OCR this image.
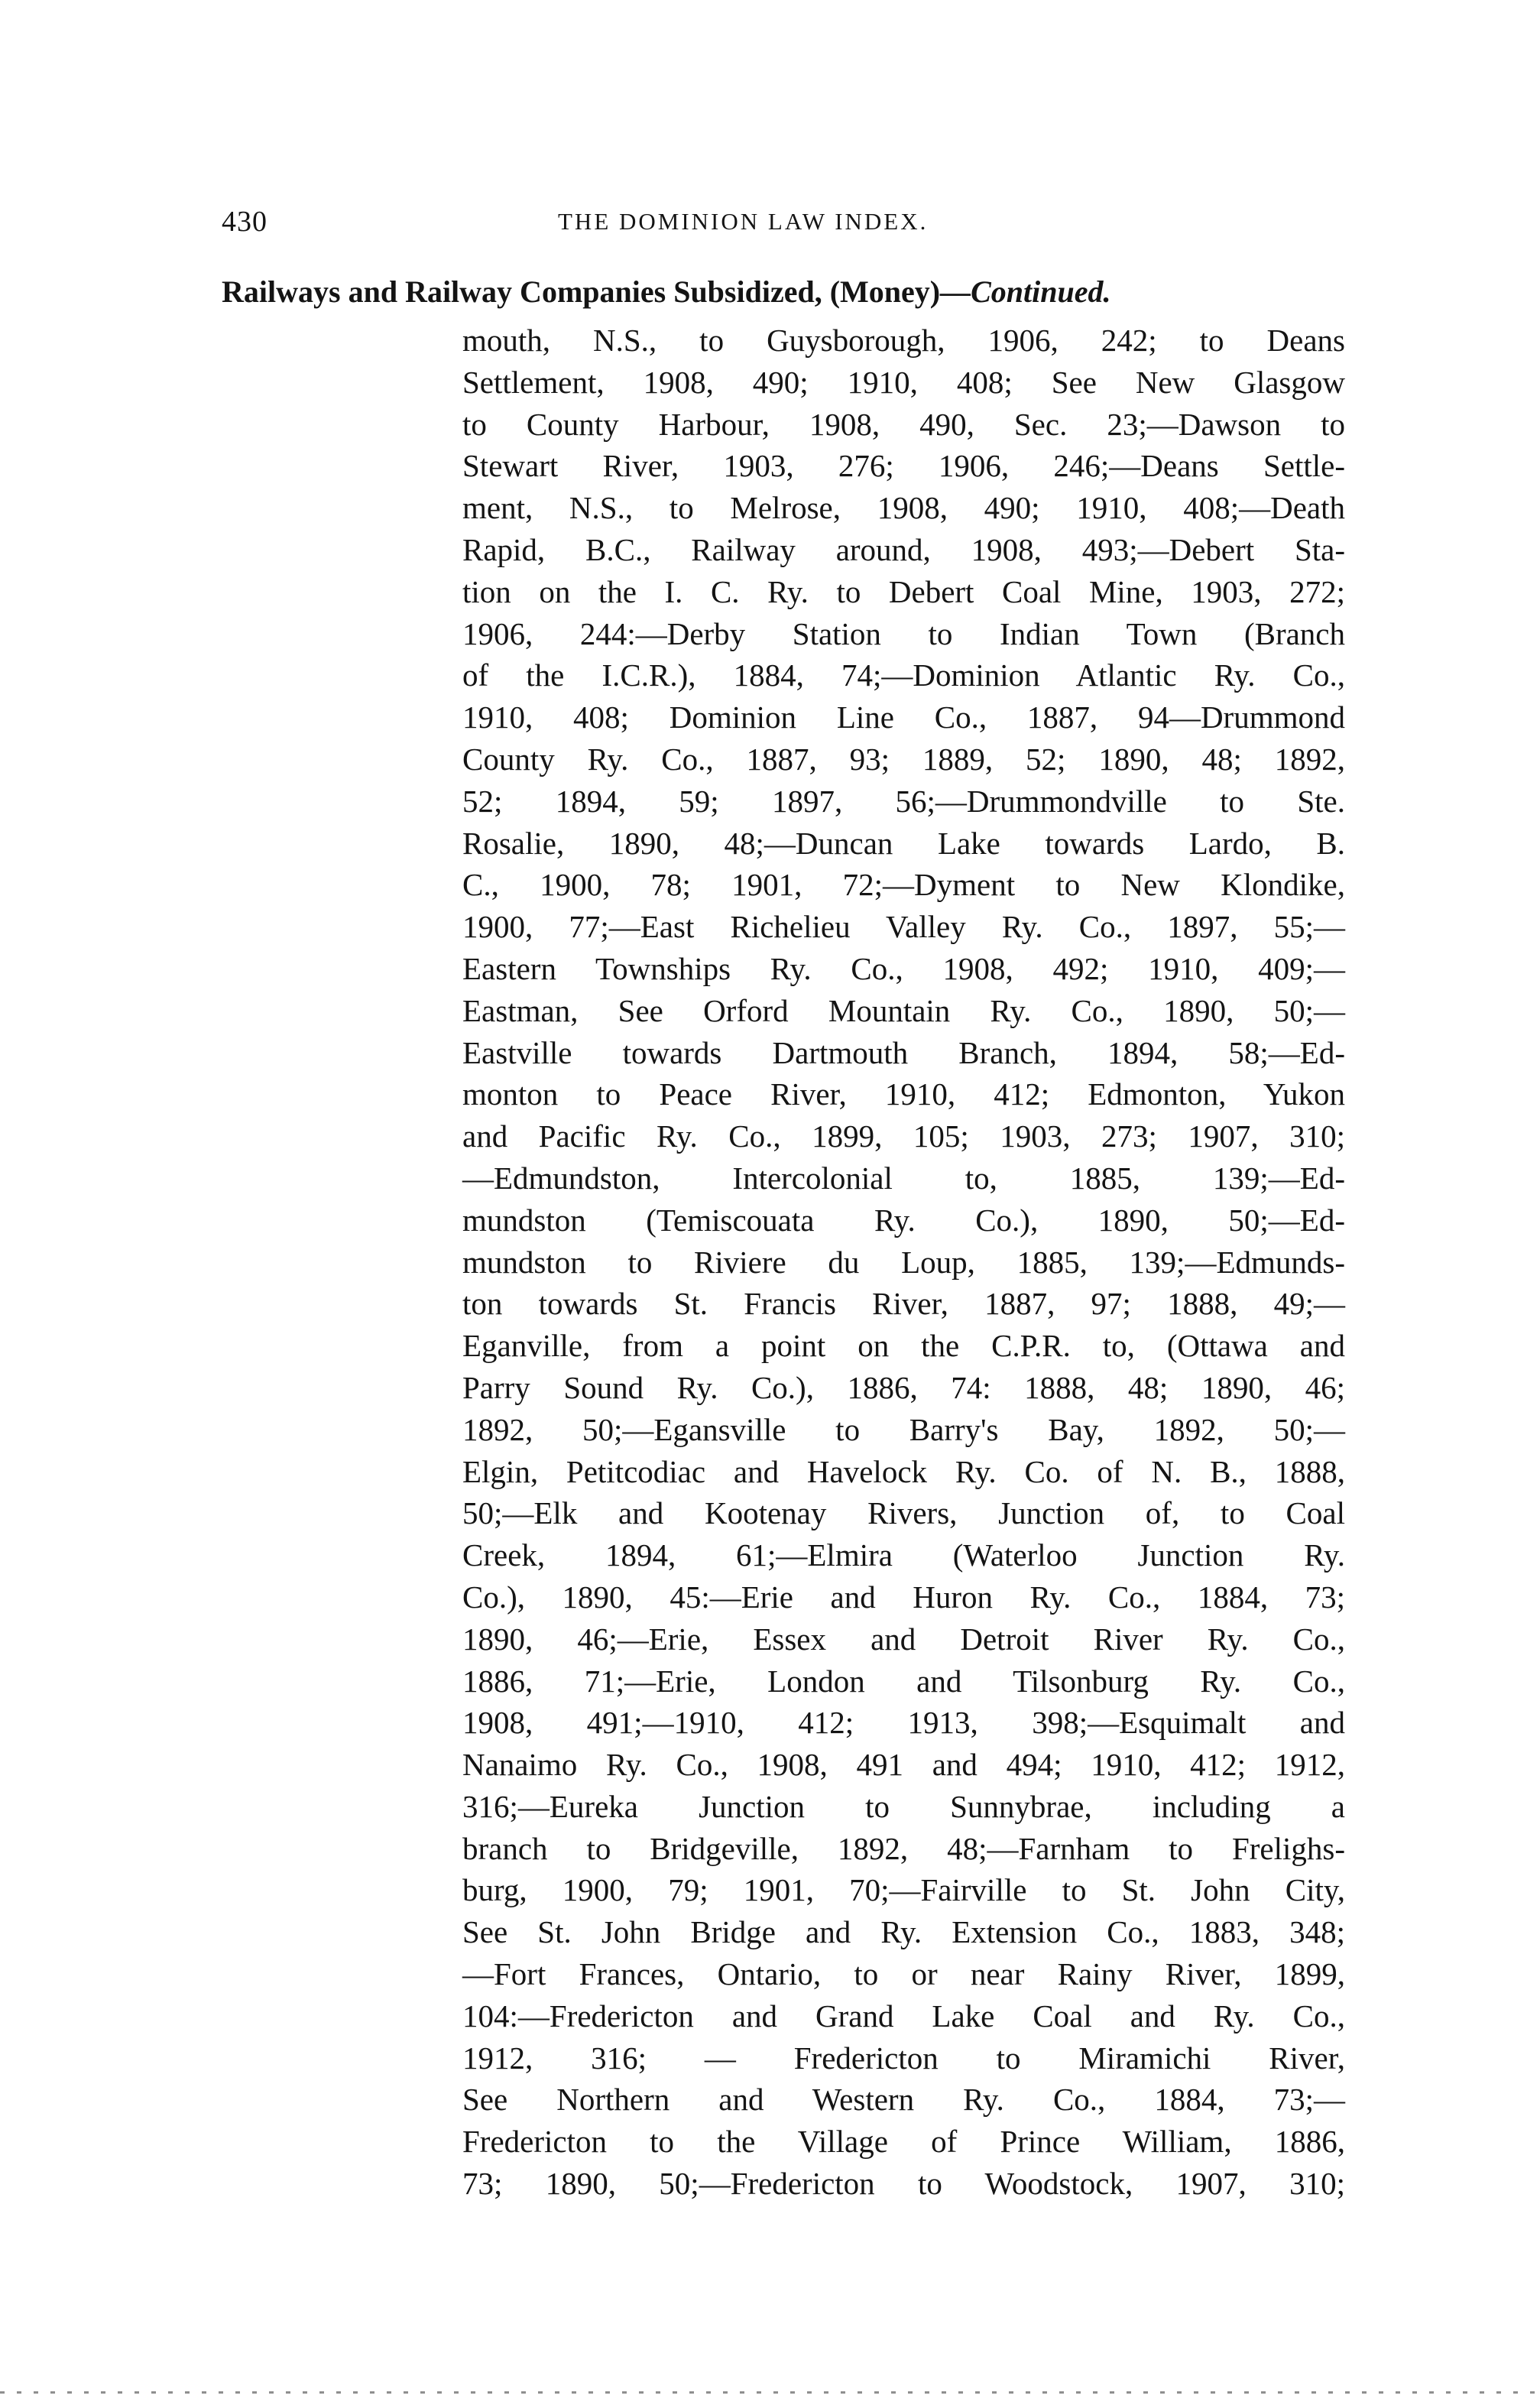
430	THE DOMINION LAW INDEX.
Railways and Railway Companies Subsidized, (Money)—Continued.
mouth, N.S., to Guysborough, 1906, 242; to Deans
Settlement, 1908, 490; 1910, 408; See New Glasgow
to County Harbour, 1908, 490, Sec. 23;—Dawson to
Stewart River, 1903, 276; 1906, 246;—Deans Settle-
ment, N.S., to Melrose, 1908, 490; 1910, 408;—Death
Rapid, B.C., Railway around, 1908, 493;—Debert Sta-
tion on the I. C. Ry. to Debert Coal Mine, 1903, 272;
1906, 244:—Derby Station to Indian Town (Branch
of the I.C.R.), 1884, 74;—Dominion Atlantic Ry. Co.,
1910, 408; Dominion Line Co., 1887, 94—Drummond
County Ry. Co., 1887, 93; 1889, 52; 1890, 48; 1892,
52; 1894, 59; 1897, 56;—Drummondville to Ste.
Rosalie, 1890, 48;—Duncan Lake towards Lardo, B.
C., 1900, 78; 1901, 72;—Dyment to New Klondike,
1900, 77;—East Richelieu Valley Ry. Co., 1897, 55;—
Eastern Townships Ry. Co., 1908, 492; 1910, 409;—
Eastman, See Orford Mountain Ry. Co., 1890, 50;—
Eastville towards Dartmouth Branch, 1894, 58;—Ed-
monton to Peace River, 1910, 412; Edmonton, Yukon
and Pacific Ry. Co., 1899, 105; 1903, 273; 1907, 310;
—Edmundston, Intercolonial to, 1885, 139;—Ed-
mundston (Temiscouata Ry. Co.), 1890, 50;—Ed-
mundston to Riviere du Loup, 1885, 139;—Edmunds-
ton towards St. Francis River, 1887, 97; 1888, 49;—
Eganville, from a point on the C.P.R. to, (Ottawa and
Parry Sound Ry. Co.), 1886, 74: 1888, 48; 1890, 46;
1892, 50;—Egansville to Barry's Bay, 1892, 50;—
Elgin, Petitcodiac and Havelock Ry. Co. of N. B., 1888,
50;—Elk and Kootenay Rivers, Junction of, to Coal
Creek, 1894, 61;—Elmira (Waterloo Junction Ry.
Co.), 1890, 45:—Erie and Huron Ry. Co., 1884, 73;
1890, 46;—Erie, Essex and Detroit River Ry. Co.,
1886, 71;—Erie, London and Tilsonburg Ry. Co.,
1908, 491;—1910, 412; 1913, 398;—Esquimalt and
Nanaimo Ry. Co., 1908, 491 and 494; 1910, 412; 1912,
316;—Eureka Junction to Sunnybrae, including a
branch to Bridgeville, 1892, 48;—Farnham to Frelighs-
burg, 1900, 79; 1901, 70;—Fairville to St. John City,
See St. John Bridge and Ry. Extension Co., 1883, 348;
—Fort Frances, Ontario, to or near Rainy River, 1899,
104:—Fredericton and Grand Lake Coal and Ry. Co.,
1912, 316; — Fredericton to Miramichi River,
See Northern and Western Ry. Co., 1884, 73;—
Fredericton to the Village of Prince William, 1886,
73; 1890, 50;—Fredericton to Woodstock, 1907, 310;
